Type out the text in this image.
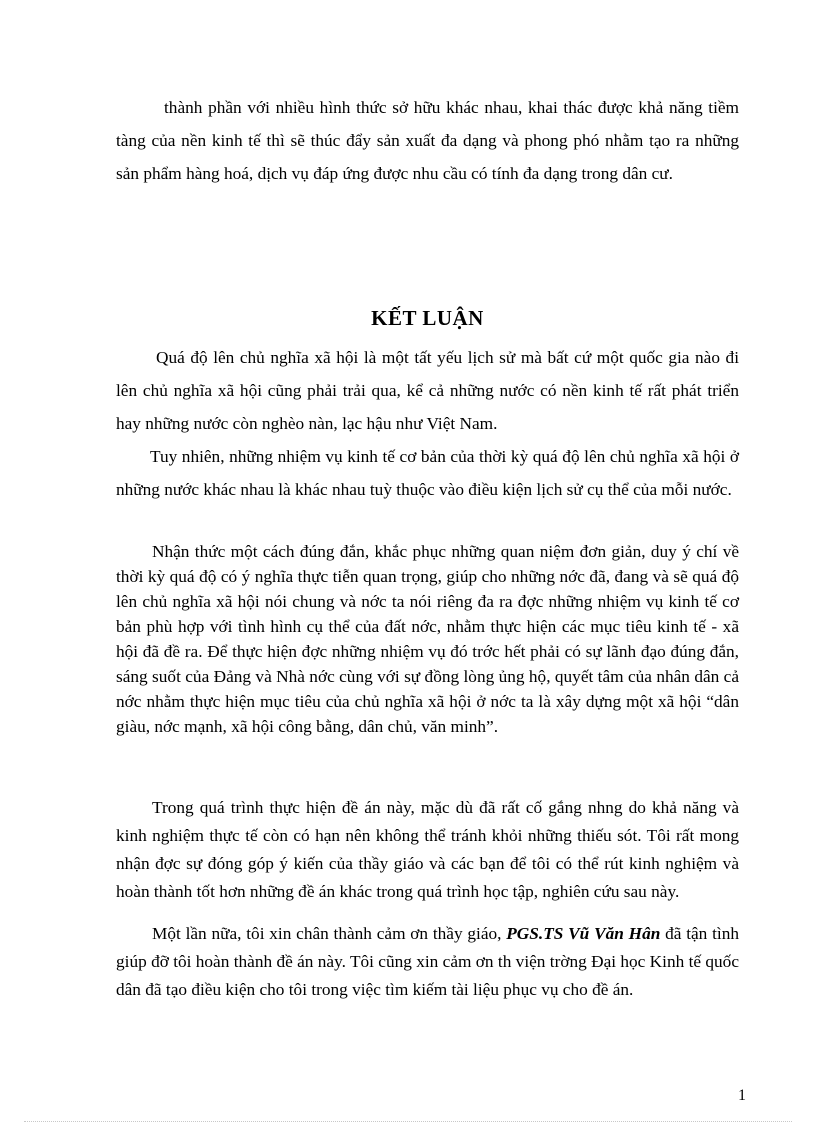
thành phần với nhiều hình thức sở hữu khác nhau, khai thác được khả năng tiềm tàng của nền kinh tế thì sẽ thúc đẩy sản xuất đa dạng và phong phó nhằm tạo ra những sản phẩm hàng hoá, dịch vụ đáp ứng được nhu cầu có tính đa dạng trong dân cư.

KẾT LUẬN

Quá độ lên chủ nghĩa xã hội là một tất yếu lịch sử mà bất cứ một quốc gia nào đi lên chủ nghĩa xã hội cũng phải trải qua, kể cả những nước có nền kinh tế rất phát triển hay những nước còn nghèo nàn, lạc hậu như Việt Nam.

Tuy nhiên, những nhiệm vụ kinh tế cơ bản của thời kỳ quá độ lên chủ nghĩa xã hội ở những nước khác nhau là khác nhau tuỳ thuộc vào điều kiện lịch sử cụ thể của mỗi nước.

Nhận thức một cách đúng đắn, khắc phục những quan niệm đơn giản, duy ý chí về thời kỳ quá độ có ý nghĩa thực tiễn quan trọng, giúp cho những nớc đã, đang và sẽ quá độ lên chủ nghĩa xã hội nói chung và nớc ta nói riêng đa ra đợc những nhiệm vụ kinh tế cơ bản phù hợp với tình hình cụ thể của đất nớc, nhằm thực hiện các mục tiêu kinh tế - xã hội đã đề ra. Để thực hiện đợc những nhiệm vụ đó trớc hết phải có sự lãnh đạo đúng đắn, sáng suốt của Đảng và Nhà nớc cùng với sự đồng lòng ủng hộ, quyết tâm của nhân dân cả nớc nhằm thực hiện mục tiêu của chủ nghĩa xã hội ở nớc ta là xây dựng một xã hội “dân giàu, nớc mạnh, xã hội công bằng, dân chủ, văn minh”.

Trong quá trình thực hiện đề án này, mặc dù đã rất cố gắng nhng do khả năng và kinh nghiệm thực tế còn có hạn nên không thể tránh khỏi những thiếu sót. Tôi rất mong nhận đợc sự đóng góp ý kiến của thầy giáo và các bạn để tôi có thể rút kinh nghiệm và hoàn thành tốt hơn những đề án khác trong quá trình học tập, nghiên cứu sau này.

Một lần nữa, tôi xin chân thành cảm ơn thầy giáo, PGS.TS Vũ Văn Hân đã tận tình giúp đỡ tôi hoàn thành đề án này. Tôi cũng xin cảm ơn th viện trờng Đại học Kinh tế quốc dân đã tạo điều kiện cho tôi trong việc tìm kiếm tài liệu phục vụ cho đề án.

1
